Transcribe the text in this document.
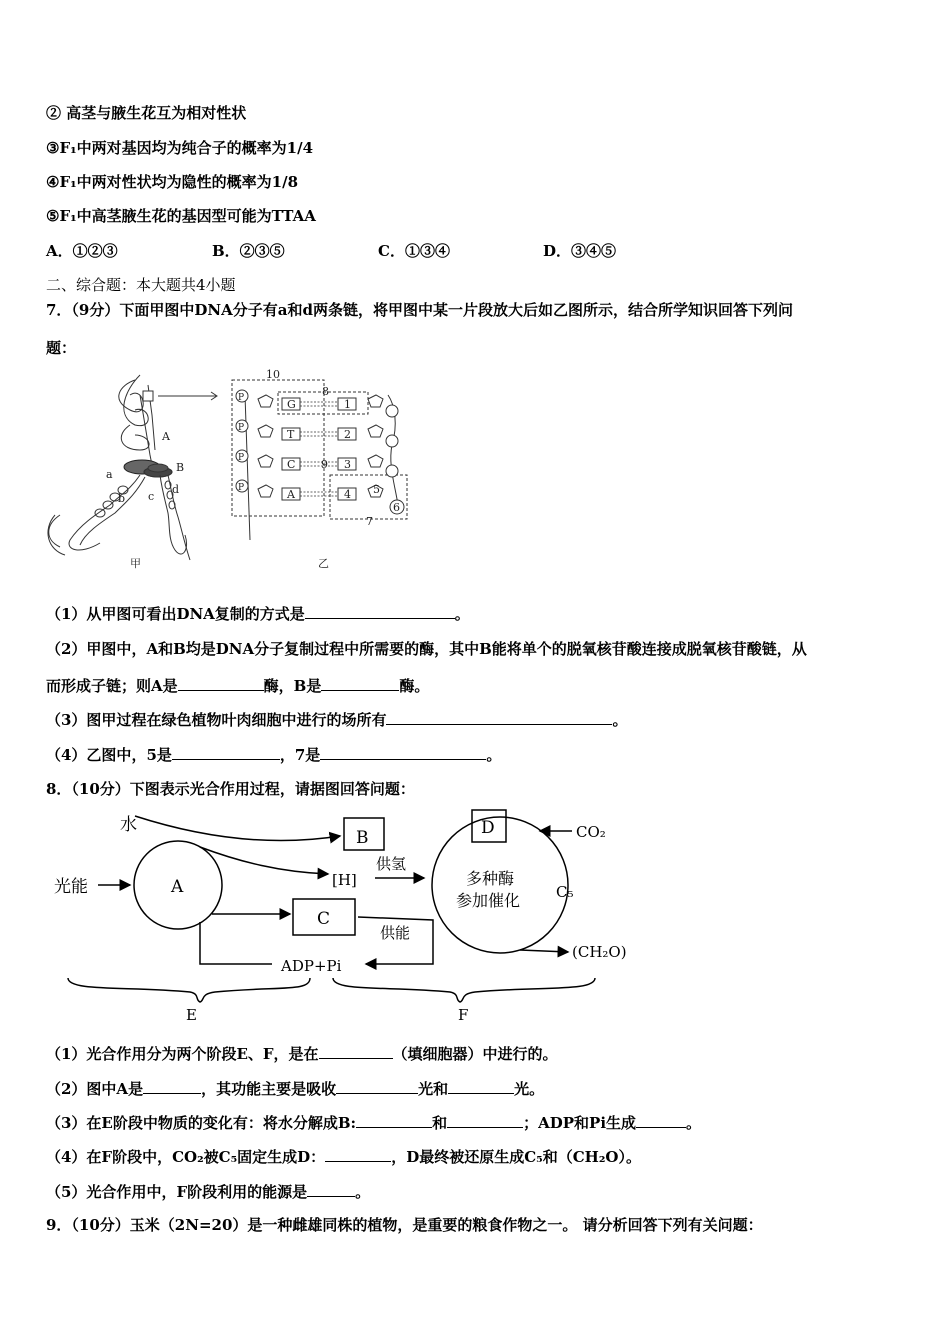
② 高茎与腋生花互为相对性状
③F₁中两对基因均为纯合子的概率为1/4
④F₁中两对性状均为隐性的概率为1/8
⑤F₁中高茎腋生花的基因型可能为TTAA
A．①②③	B．②③⑤	C．①③④	D．③④⑤
二、综合题：本大题共4小题
7．（9分）下面甲图中DNA分子有a和d两条链，将甲图中某一片段放大后如乙图所示，结合所学知识回答下列问
题：
P
P
P
P
G
T
C
A
1
2
3
4
10
8
9
5
6
7
A
B
a
b c
d
甲	乙
（1）从甲图可看出DNA复制的方式是	。
（2）甲图中，A和B均是DNA分子复制过程中所需要的酶，其中B能将单个的脱氧核苷酸连接成脱氧核苷酸链，从
而形成子链；则A是	酶，B是	酶。
（3）图甲过程在绿色植物叶肉细胞中进行的场所有	。
（4）乙图中，5是	，7是	。
8．（10分）下图表示光合作用过程，请据图回答问题：
水
光能	A
B	D
C
[H]
供氢
供能
多种酶
参加催化
CO₂
C₅
(CH₂O)
ADP+Pi
E	F
（1）光合作用分为两个阶段E、F，是在	（填细胞器）中进行的。
（2）图中A是	，其功能主要是吸收	光和	光。
（3）在E阶段中物质的变化有：将水分解成B:	和	；ADP和Pi生成	。
（4）在F阶段中，CO₂被C₅固定生成D：	，D最终被还原生成C₅和（CH₂O）。
（5）光合作用中，F阶段利用的能源是	。
9．（10分）玉米（2N=20）是一种雌雄同株的植物，是重要的粮食作物之一。 请分析回答下列有关问题：
